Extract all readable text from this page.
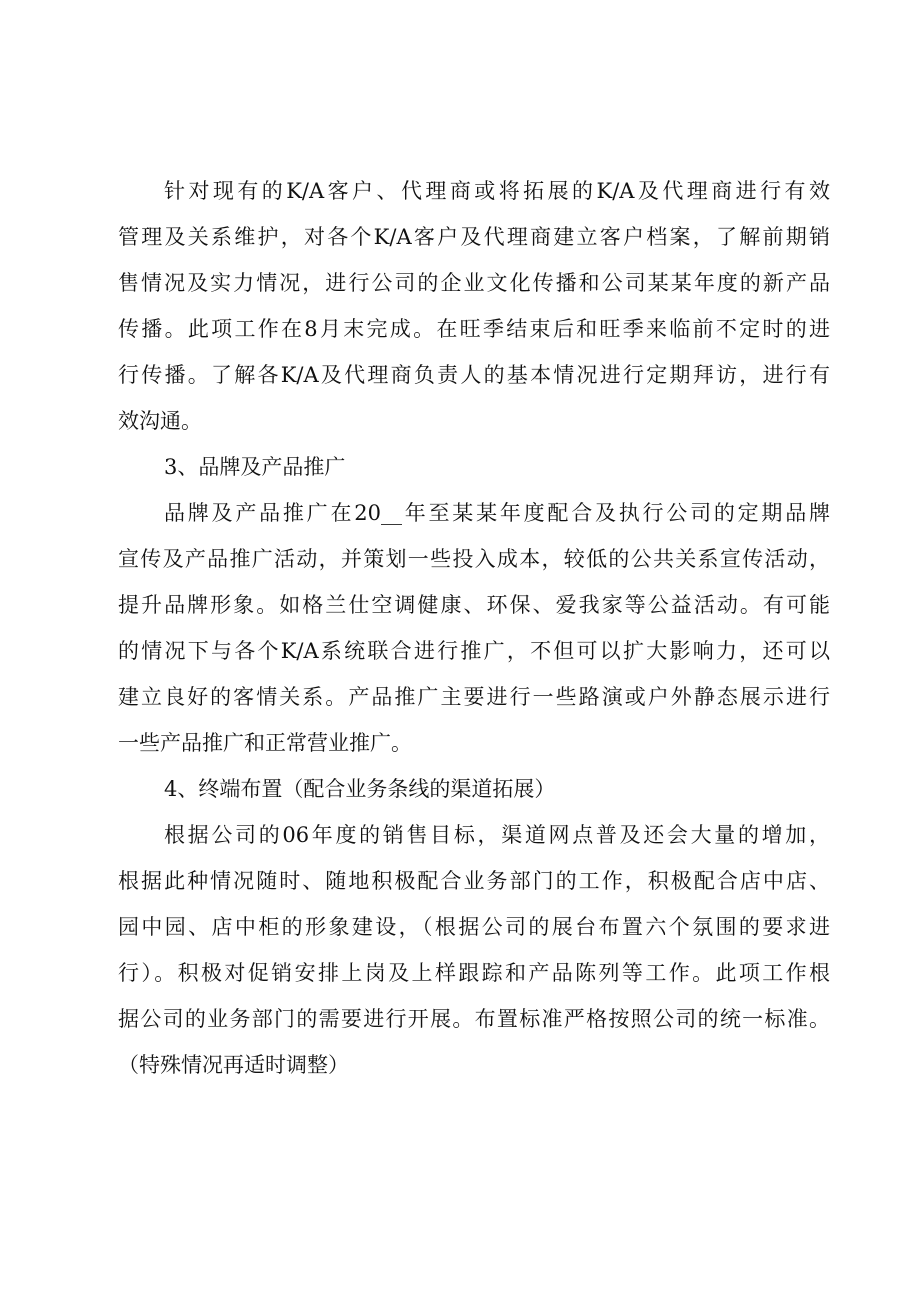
针对现有的K/A客户、代理商或将拓展的K/A及代理商进行有效
管理及关系维护，对各个K/A客户及代理商建立客户档案，了解前期销
售情况及实力情况，进行公司的企业文化传播和公司某某年度的新产品
传播。此项工作在8月末完成。在旺季结束后和旺季来临前不定时的进
行传播。了解各K/A及代理商负责人的基本情况进行定期拜访，进行有
效沟通。
3、品牌及产品推广
品牌及产品推广在20__年至某某年度配合及执行公司的定期品牌
宣传及产品推广活动，并策划一些投入成本，较低的公共关系宣传活动，
提升品牌形象。如格兰仕空调健康、环保、爱我家等公益活动。有可能
的情况下与各个K/A系统联合进行推广，不但可以扩大影响力，还可以
建立良好的客情关系。产品推广主要进行一些路演或户外静态展示进行
一些产品推广和正常营业推广。
4、终端布置（配合业务条线的渠道拓展）
根据公司的06年度的销售目标，渠道网点普及还会大量的增加，
根据此种情况随时、随地积极配合业务部门的工作，积极配合店中店、
园中园、店中柜的形象建设，（根据公司的展台布置六个氛围的要求进
行）。积极对促销安排上岗及上样跟踪和产品陈列等工作。此项工作根
据公司的业务部门的需要进行开展。布置标准严格按照公司的统一标准。
（特殊情况再适时调整）
